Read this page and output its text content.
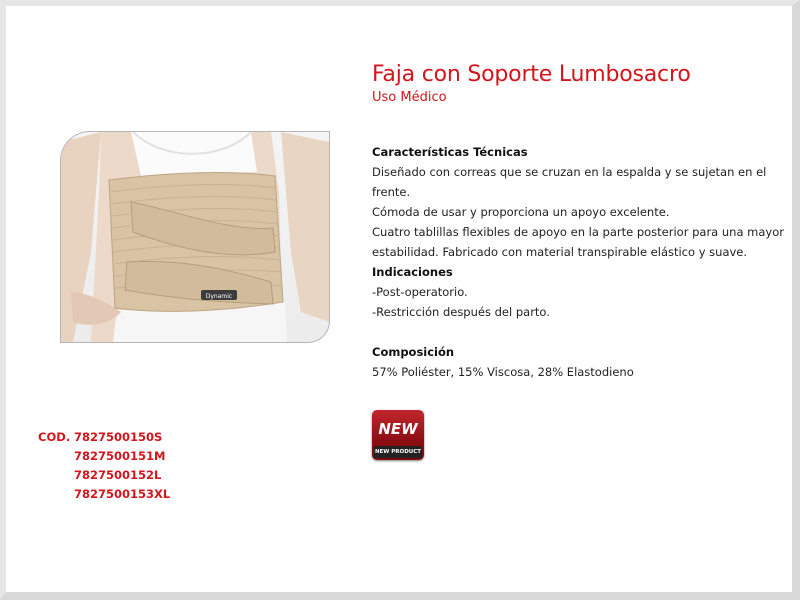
Faja con Soporte Lumbosacro
Uso Médico
Dynamic
Características Técnicas
Diseñado con correas que se cruzan en la espalda y se sujetan en el frente.
Cómoda de usar y proporciona un apoyo excelente.
Cuatro tablillas flexibles de apoyo en la parte posterior para una mayor
estabilidad. Fabricado con material transpirable elástico y suave.
Indicaciones
-Post-operatorio.
-Restricción después del parto.
Composición
57% Poliéster, 15% Viscosa, 28% Elastodieno
NEW
NEW PRODUCT
COD. 7827500150 S
7827500151 M
7827500152 L
7827500153 XL
